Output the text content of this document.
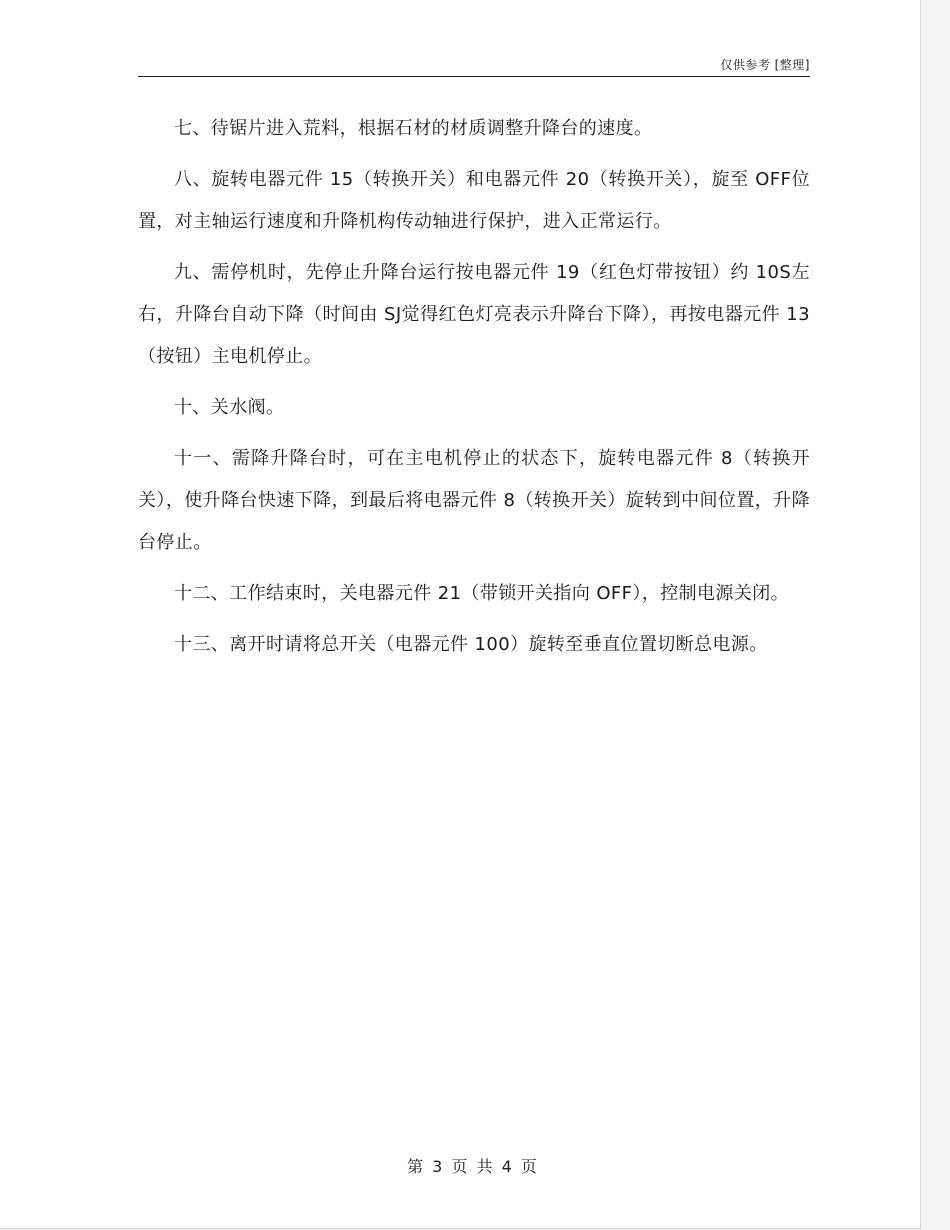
仅供参考 [整理]

七、待锯片进入荒料，根据石材的材质调整升降台的速度。

八、旋转电器元件 15（转换开关）和电器元件 20（转换开关），旋至 OFF位置，对主轴运行速度和升降机构传动轴进行保护，进入正常运行。

九、需停机时，先停止升降台运行按电器元件 19（红色灯带按钮）约 10S左右，升降台自动下降（时间由 SJ觉得红色灯亮表示升降台下降），再按电器元件 13（按钮）主电机停止。

十、关水阀。

十一、需降升降台时，可在主电机停止的状态下，旋转电器元件 8（转换开关），使升降台快速下降，到最后将电器元件 8（转换开关）旋转到中间位置，升降台停止。

十二、工作结束时，关电器元件 21（带锁开关指向 OFF），控制电源关闭。

十三、离开时请将总开关（电器元件 100）旋转至垂直位置切断总电源。

第 3 页 共 4 页
